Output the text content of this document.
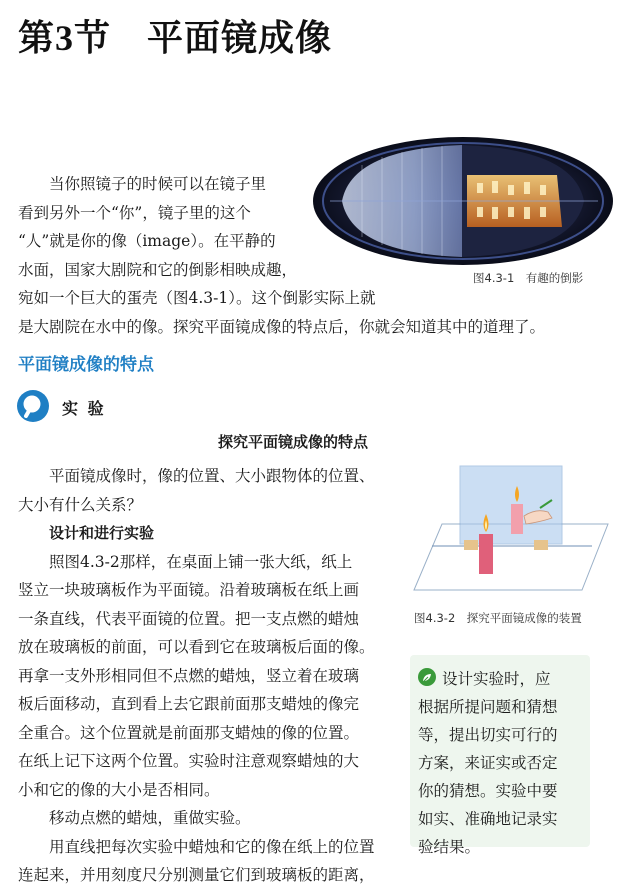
第3节 平面镜成像
图4.3-1　有趣的倒影
当你照镜子的时候可以在镜子里
看到另外一个“你”，镜子里的这个
“人”就是你的像（image）。在平静的
水面，国家大剧院和它的倒影相映成趣，
宛如一个巨大的蛋壳（图4.3-1）。这个倒影实际上就
是大剧院在水中的像。探究平面镜成像的特点后，你就会知道其中的道理了。
平面镜成像的特点
实 验
探究平面镜成像的特点
平面镜成像时，像的位置、大小跟物体的位置、
大小有什么关系？
设计和进行实验
照图4.3-2那样，在桌面上铺一张大纸，纸上
竖立一块玻璃板作为平面镜。沿着玻璃板在纸上画
一条直线，代表平面镜的位置。把一支点燃的蜡烛
放在玻璃板的前面，可以看到它在玻璃板后面的像。
再拿一支外形相同但不点燃的蜡烛，竖立着在玻璃
板后面移动，直到看上去它跟前面那支蜡烛的像完
全重合。这个位置就是前面那支蜡烛的像的位置。
在纸上记下这两个位置。实验时注意观察蜡烛的大
小和它的像的大小是否相同。
移动点燃的蜡烛，重做实验。
用直线把每次实验中蜡烛和它的像在纸上的位置
连起来，并用刻度尺分别测量它们到玻璃板的距离，
图4.3-2　探究平面镜成像的装置
设计实验时，应
根据所提问题和猜想
等，提出切实可行的
方案，来证实或否定
你的猜想。实验中要
如实、准确地记录实
验结果。
